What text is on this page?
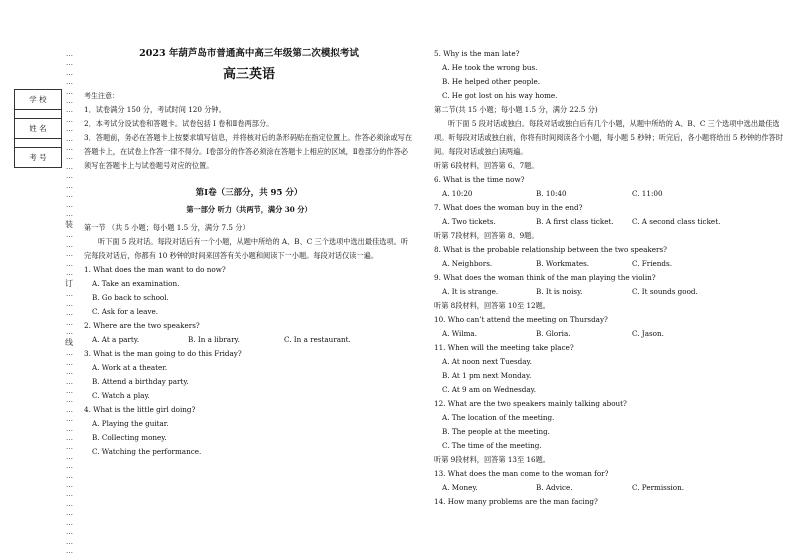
学 校
姓 名
考 号
…
…
…
…
…
…
…
…
…
…
…
…
…
…
…
…
…
…
装
…
…
…
…
…
订
…
…
…
…
…
线
…
…
…
…
…
…
…
…
…
…
…
…
…
…
…
…
…
…
…
…
…
…
2023 年葫芦岛市普通高中高三年级第二次模拟考试
高三英语

考生注意：

1．试卷满分 150 分，考试时间 120 分钟。

2．本考试分设试卷和答题卡。试卷包括 I 卷和Ⅱ卷两部分。

3．答题前，务必在答题卡上按要求填写信息，并将核对后的条形码贴在指定位置上。作答必须涂或写在答题卡上，在试卷上作答一律不得分。Ⅰ卷部分的作答必须涂在答题卡上相应的区域，Ⅱ卷部分的作答必须写在答题卡上与试卷题号对应的位置。

第Ⅰ卷（三部分，共 95 分）
第一部分 听力（共两节，满分 30 分）

第一节 （共 5 小题；每小题 1.5 分，满分 7.5 分）

听下面 5 段对话。每段对话后有一个小题，从题中所给的 A、B、C 三个选项中选出最佳选项。听完每段对话后，你都有 10 秒钟的时间来回答有关小题和阅读下一小题。每段对话仅读一遍。

1. What does the man want to do now?

A. Take an examination.

B. Go back to school.

C. Ask for a leave.

2. Where are the two speakers?

A. At a party.	B. In a library.	C. In a restaurant.

3. What is the man going to do this Friday?

A. Work at a theater.

B. Attend a birthday party.

C. Watch a play.

4. What is the little girl doing?

A. Playing the guitar.

B. Collecting money.

C. Watching the performance.

5. Why is the man late?

A. He took the wrong bus.

B. He helped other people.

C. He got lost on his way home.

第二节(共 15 小题；每小题 1.5 分，满分 22.5 分)

听下面 5 段对话或独白。每段对话或独白后有几个小题，从题中所给的 A、B、C 三个选项中选出最佳选项。听每段对话或独白前，你将有时间阅读各个小题，每小题 5 秒钟；听完后，各小题将给出 5 秒钟的作答时间。每段对话或独白读两遍。

听第 6段材料，回答第 6、7题。

6. What is the time now?

A. 10:20	B. 10:40	C. 11:00

7. What does the woman buy in the end?

A. Two tickets.	B. A first class ticket.	C. A second class ticket.

听第 7段材料，回答第 8、9题。

8. What is the probable relationship between the two speakers?

A. Neighbors.	B. Workmates.	C. Friends.

9. What does the woman think of the man playing the violin?

A. It is strange.	B. It is noisy.	C. It sounds good.

听第 8段材料，回答第 10至 12题。

10. Who can’t attend the meeting on Thursday?

A. Wilma.	B. Gloria.	C. Jason.

11. When will the meeting take place?

A. At noon next Tuesday.

B. At 1 pm next Monday.

C. At 9 am on Wednesday.

12. What are the two speakers mainly talking about?

A. The location of the meeting.

B. The people at the meeting.

C. The time of the meeting.

听第 9段材料，回答第 13至 16题。

13. What does the man come to the woman for?

A. Money.	B. Advice.	C. Permission.

14. How many problems are the man facing?
